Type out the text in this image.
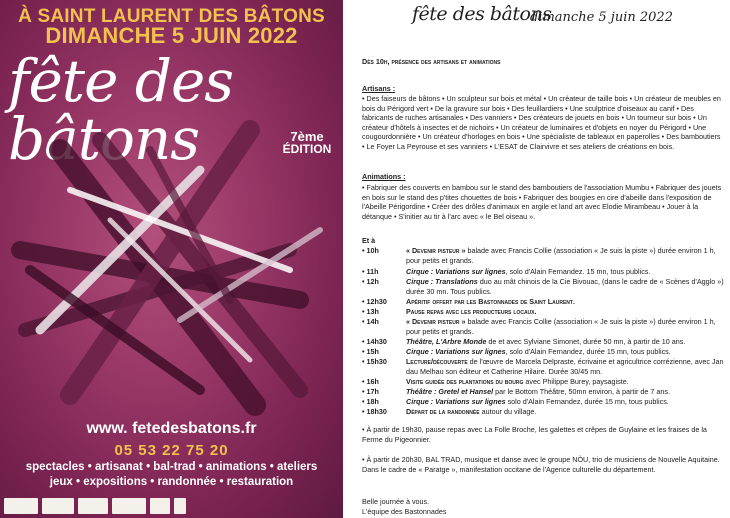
À SAINT LAURENT DES BÂTONS
DIMANCHE 5 JUIN 2022
fête des bâtons	7ème
ÉDITION
www. fetedesbatons.fr
05 53 22 75 20
spectacles • artisanat • bal-trad • animations • ateliers
jeux • expositions • randonnée • restauration
fête des bâtons
dimanche 5 juin 2022
Dès 10h, présence des artisans et animations
Artisans :
• Des faiseurs de bâtons • Un sculpteur sur bois et métal • Un créateur de taille bois • Un créateur de meubles en bois du Périgord vert • De la gravure sur bois • Des feuillardiers • Une sculptrice d'oiseaux au canif • Des fabricants de ruches artisanales • Des vanniers • Des créateurs de jouets en bois • Un tourneur sur bois • Un créateur d'hôtels à insectes et de nichoirs • Un créateur de luminaires et d'objets en noyer du Périgord • Une cougourdonnière • Un créateur d'horloges en bois • Une spécialiste de tableaux en paperolles • Des bamboutiers • Le Foyer La Peyrouse et ses vanniers • L'ESAT de Clairvivre et ses ateliers de créations en bois.
Animations :
• Fabriquer des couverts en bambou sur le stand des bamboutiers de l'association Mumbu • Fabriquer des jouets en bois sur le stand des p'tites chouettes de bois • Fabriquer des bougies en cire d'abeille dans l'exposition de l'Abeille Périgordine • Créer des drôles d'animaux en argile et land art avec Elodie Mirambeau • Jouer à la détanque • S'initier au tir à l'arc avec « le Bel oiseau ».
Et à
• 10h	« Devenir pisteur » balade avec Francis Collie (association « Je suis la piste ») durée environ 1 h, pour petits et grands.
• 11h	Cirque : Variations sur lignes, solo d'Alain Fernandez. 15 mn, tous publics.
• 12h	Cirque : Translations duo au mât chinois de la Cie Bivouac, (dans le cadre de « Scènes d'Agglo ») durée 30 mn. Tous publics.
• 12h30	Apéritif offert par les Bastonnades de Saint Laurent.
• 13h	Pause repas avec les producteurs locaux.
• 14h	« Devenir pisteur » balade avec Francis Collie (association « Je suis la piste ») durée environ 1 h, pour petits et grands.
• 14h30	Théâtre, L'Arbre Monde de et avec Sylviane Simonet, durée 50 mn, à partir de 10 ans.
• 15h	Cirque : Variations sur lignes, solo d'Alain Fernandez, durée 15 mn, tous publics.
• 15h30	Lecture/découverte de l'œuvre de Marcela Delpraste, écrivaine et agricultrice corrézienne, avec Jan dau Melhau son éditeur et Catherine Hilaire. Durée 30/45 mn.
• 16h	Visite guidée des plantations du bourg avec Philippe Burey, paysagiste.
• 17h	Théâtre : Gretel et Hansel par le Bottom Théâtre, 50mn environ, à partir de 7 ans.
• 18h	Cirque : Variations sur lignes solo d'Alain Fernandez, durée 15 mn, tous publics.
• 18h30	Départ de la randonnée autour du village.
• À partir de 19h30, pause repas avec La Folle Broche, les galettes et crêpes de Guylaine et les fraises de la Ferme du Pigeonnier.
• À partir de 20h30, BAL TRAD, musique et danse avec le groupe NÒU, trio de musiciens de Nouvelle Aquitaine. Dans le cadre de « Paratge », manifestation occitane de l'Agence culturelle du département.
Belle journée à vous.
L'équipe des Bastonnades
